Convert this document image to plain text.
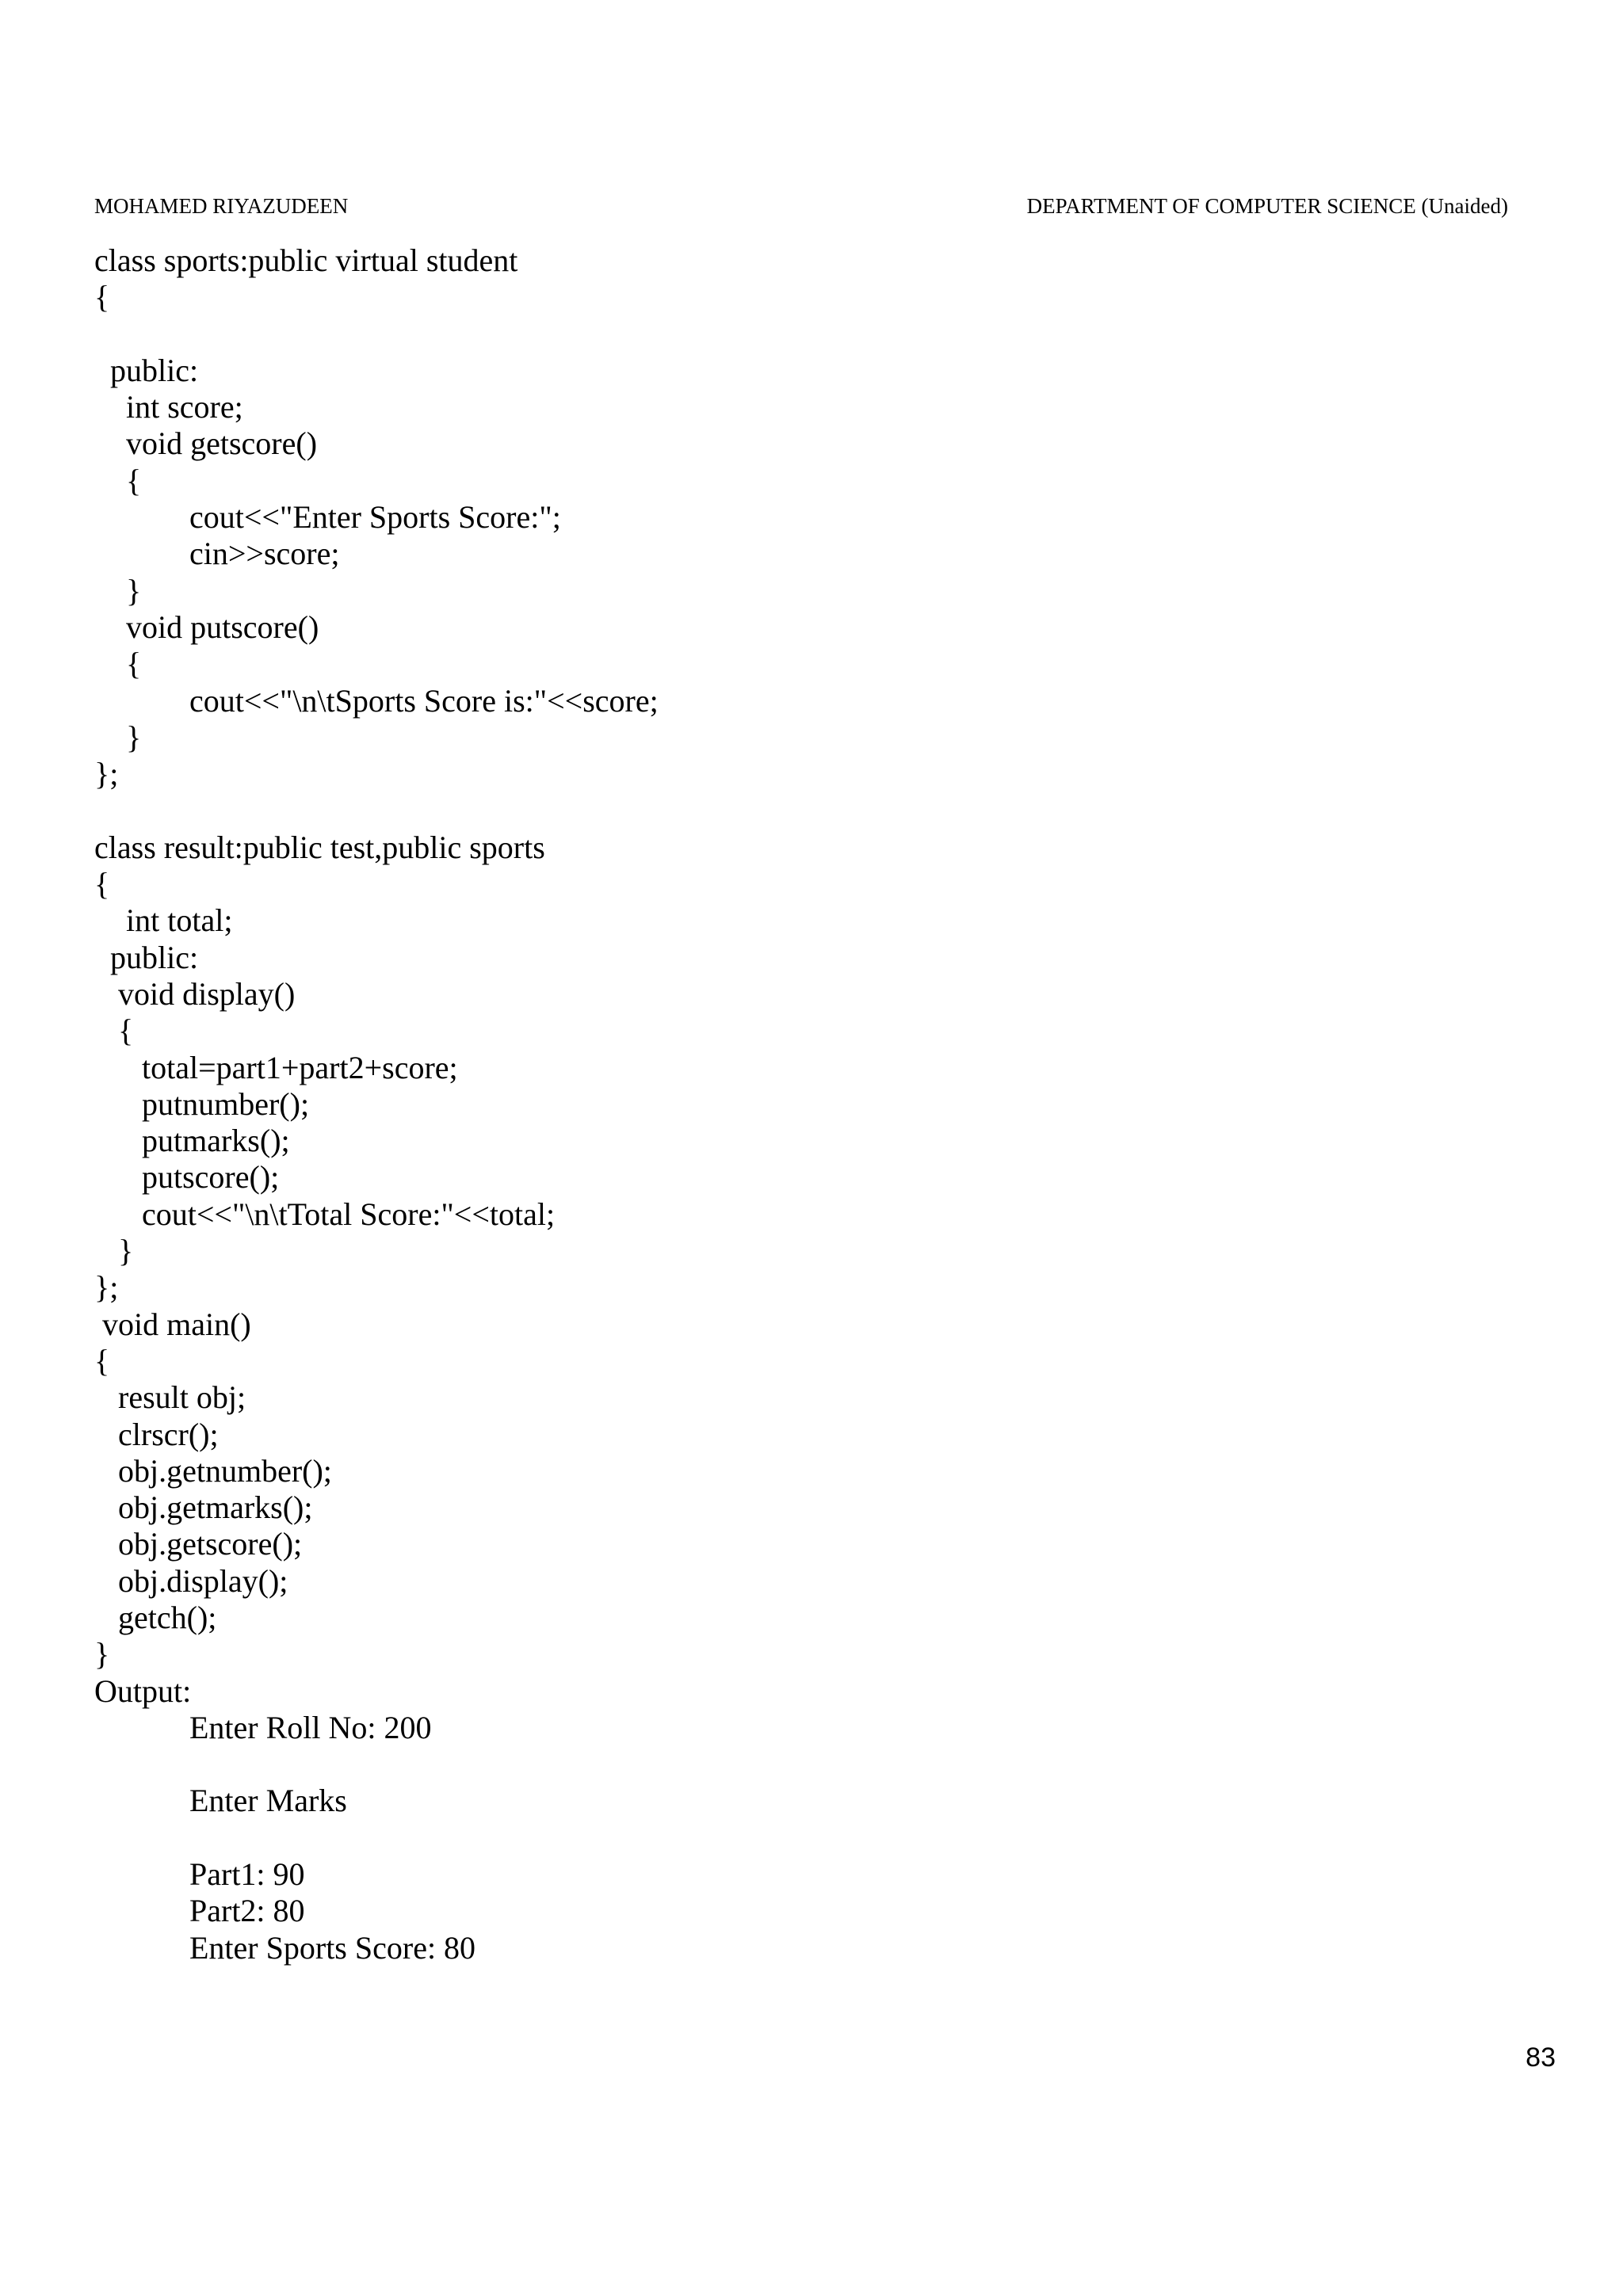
MOHAMED RIYAZUDEEN	DEPARTMENT OF COMPUTER SCIENCE (Unaided)
class sports:public virtual student
{
public:
int score;
void getscore()
{
cout<<"Enter Sports Score:";
cin>>score;
}
void putscore()
{
cout<<"\n\tSports Score is:"<<score;
}
};
class result:public test,public sports
{
int total;
public:
void display()
{
total=part1+part2+score;
putnumber();
putmarks();
putscore();
cout<<"\n\tTotal Score:"<<total;
}
};
void main()
{
result obj;
clrscr();
obj.getnumber();
obj.getmarks();
obj.getscore();
obj.display();
getch();
}
Output:
Enter Roll No: 200
Enter Marks
Part1: 90
Part2: 80
Enter Sports Score: 80
83
